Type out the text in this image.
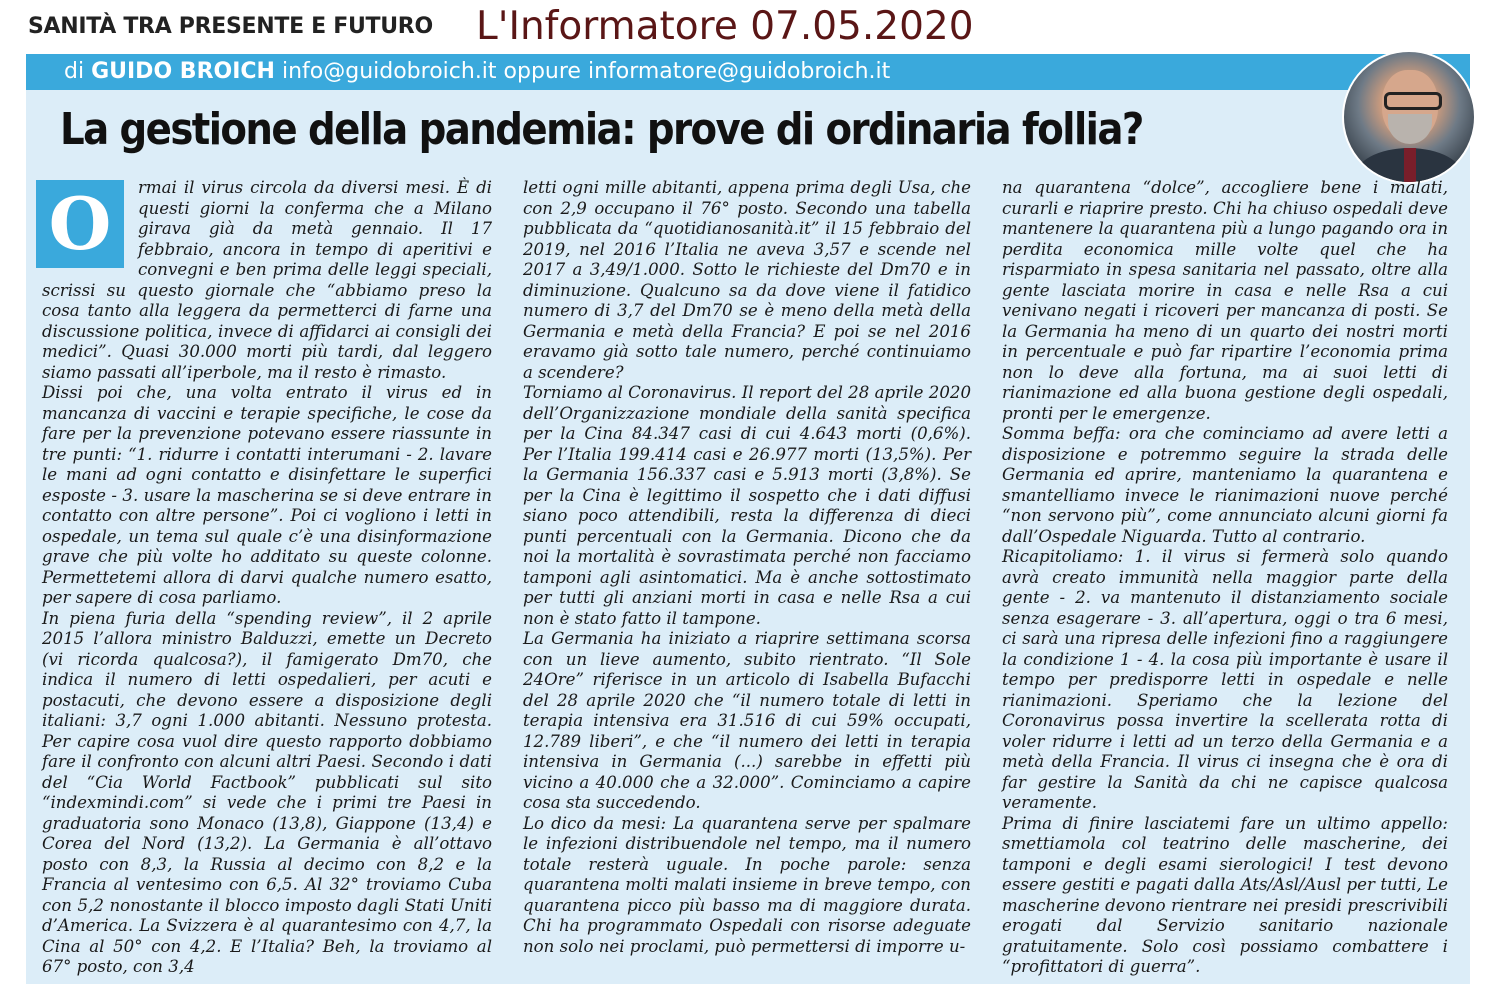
SANITÀ TRA PRESENTE E FUTURO L'Informatore 07.05.2020
di GUIDO BROICH info@guidobroich.it oppure informatore@guidobroich.it
La gestione della pandemia: prove di ordinaria follia?

O	rmai il virus circola da diversi mesi. È di questi giorni la conferma che a Milano girava già da metà gennaio. Il 17 febbraio, ancora in tempo di aperitivi e convegni e ben prima delle leggi speciali, scrissi su questo giornale che “abbiamo preso la cosa tanto alla leggera da permetterci di farne una discussione politica, invece di affidarci ai consigli dei medici”. Quasi 30.000 morti più tardi, dal leggero siamo passati all’iperbole, ma il resto è rimasto.

Dissi poi che, una volta entrato il virus ed in mancanza di vaccini e terapie specifiche, le cose da fare per la prevenzione potevano essere riassunte in tre punti: “1. ridurre i contatti interumani - 2. lavare le mani ad ogni contatto e disinfettare le superfici esposte - 3. usare la mascherina se si deve entrare in contatto con altre persone”. Poi ci vogliono i letti in ospedale, un tema sul quale c’è una disinformazione grave che più volte ho additato su queste colonne. Permettetemi allora di darvi qualche numero esatto, per sapere di cosa parliamo.

In piena furia della “spending review”, il 2 aprile 2015 l’allora ministro Balduzzi, emette un Decreto (vi ricorda qualcosa?), il famigerato Dm70, che indica il numero di letti ospedalieri, per acuti e postacuti, che devono essere a disposizione degli italiani: 3,7 ogni 1.000 abitanti. Nessuno protesta. Per capire cosa vuol dire questo rapporto dobbiamo fare il confronto con alcuni altri Paesi. Secondo i dati del “Cia World Factbook” pubblicati sul sito “indexmindi.com” si vede che i primi tre Paesi in graduatoria sono Monaco (13,8), Giappone (13,4) e Corea del Nord (13,2). La Germania è all’ottavo posto con 8,3, la Russia al decimo con 8,2 e la Francia al ventesimo con 6,5. Al 32° troviamo Cuba con 5,2 nonostante il blocco imposto dagli Stati Uniti d’America. La Svizzera è al quarantesimo con 4,7, la Cina al 50° con 4,2. E l’Italia? Beh, la troviamo al 67° posto, con 3,4

letti ogni mille abitanti, appena prima degli Usa, che con 2,9 occupano il 76° posto. Secondo una tabella pubblicata da “quotidianosanità.it” il 15 febbraio del 2019, nel 2016 l’Italia ne aveva 3,57 e scende nel 2017 a 3,49/1.000. Sotto le richieste del Dm70 e in diminuzione. Qualcuno sa da dove viene il fatidico numero di 3,7 del Dm70 se è meno della metà della Germania e metà della Francia? E poi se nel 2016 eravamo già sotto tale numero, perché continuiamo a scendere?

Torniamo al Coronavirus. Il report del 28 aprile 2020 dell’Organizzazione mondiale della sanità specifica per la Cina 84.347 casi di cui 4.643 morti (0,6%). Per l’Italia 199.414 casi e 26.977 morti (13,5%). Per la Germania 156.337 casi e 5.913 morti (3,8%). Se per la Cina è legittimo il sospetto che i dati diffusi siano poco attendibili, resta la differenza di dieci punti percentuali con la Germania. Dicono che da noi la mortalità è sovrastimata perché non facciamo tamponi agli asintomatici. Ma è anche sottostimato per tutti gli anziani morti in casa e nelle Rsa a cui non è stato fatto il tampone.

La Germania ha iniziato a riaprire settimana scorsa con un lieve aumento, subito rientrato. “Il Sole 24Ore” riferisce in un articolo di Isabella Bufacchi del 28 aprile 2020 che “il numero totale di letti in terapia intensiva era 31.516 di cui 59% occupati, 12.789 liberi”, e che “il numero dei letti in terapia intensiva in Germania (...) sarebbe in effetti più vicino a 40.000 che a 32.000”. Cominciamo a capire cosa sta succedendo.

Lo dico da mesi: La quarantena serve per spalmare le infezioni distribuendole nel tempo, ma il numero totale resterà uguale. In poche parole: senza quarantena molti malati insieme in breve tempo, con quarantena picco più basso ma di maggiore durata. Chi ha programmato Ospedali con risorse adeguate non solo nei proclami, può permettersi di imporre u-

na quarantena “dolce”, accogliere bene i malati, curarli e riaprire presto. Chi ha chiuso ospedali deve mantenere la quarantena più a lungo pagando ora in perdita economica mille volte quel che ha risparmiato in spesa sanitaria nel passato, oltre alla gente lasciata morire in casa e nelle Rsa a cui venivano negati i ricoveri per mancanza di posti. Se la Germania ha meno di un quarto dei nostri morti in percentuale e può far ripartire l’economia prima non lo deve alla fortuna, ma ai suoi letti di rianimazione ed alla buona gestione degli ospedali, pronti per le emergenze.

Somma beffa: ora che cominciamo ad avere letti a disposizione e potremmo seguire la strada delle Germania ed aprire, manteniamo la quarantena e smantelliamo invece le rianimazioni nuove perché “non servono più”, come annunciato alcuni giorni fa dall’Ospedale Niguarda. Tutto al contrario.

Ricapitoliamo: 1. il virus si fermerà solo quando avrà creato immunità nella maggior parte della gente - 2. va mantenuto il distanziamento sociale senza esagerare - 3. all’apertura, oggi o tra 6 mesi, ci sarà una ripresa delle infezioni fino a raggiungere la condizione 1 - 4. la cosa più importante è usare il tempo per predisporre letti in ospedale e nelle rianimazioni. Speriamo che la lezione del Coronavirus possa invertire la scellerata rotta di voler ridurre i letti ad un terzo della Germania e a metà della Francia. Il virus ci insegna che è ora di far gestire la Sanità da chi ne capisce qualcosa veramente.

Prima di finire lasciatemi fare un ultimo appello: smettiamola col teatrino delle mascherine, dei tamponi e degli esami sierologici! I test devono essere gestiti e pagati dalla Ats/Asl/Ausl per tutti, Le mascherine devono rientrare nei presidi prescrivibili erogati dal Servizio sanitario nazionale gratuitamente. Solo così possiamo combattere i “profittatori di guerra”.
